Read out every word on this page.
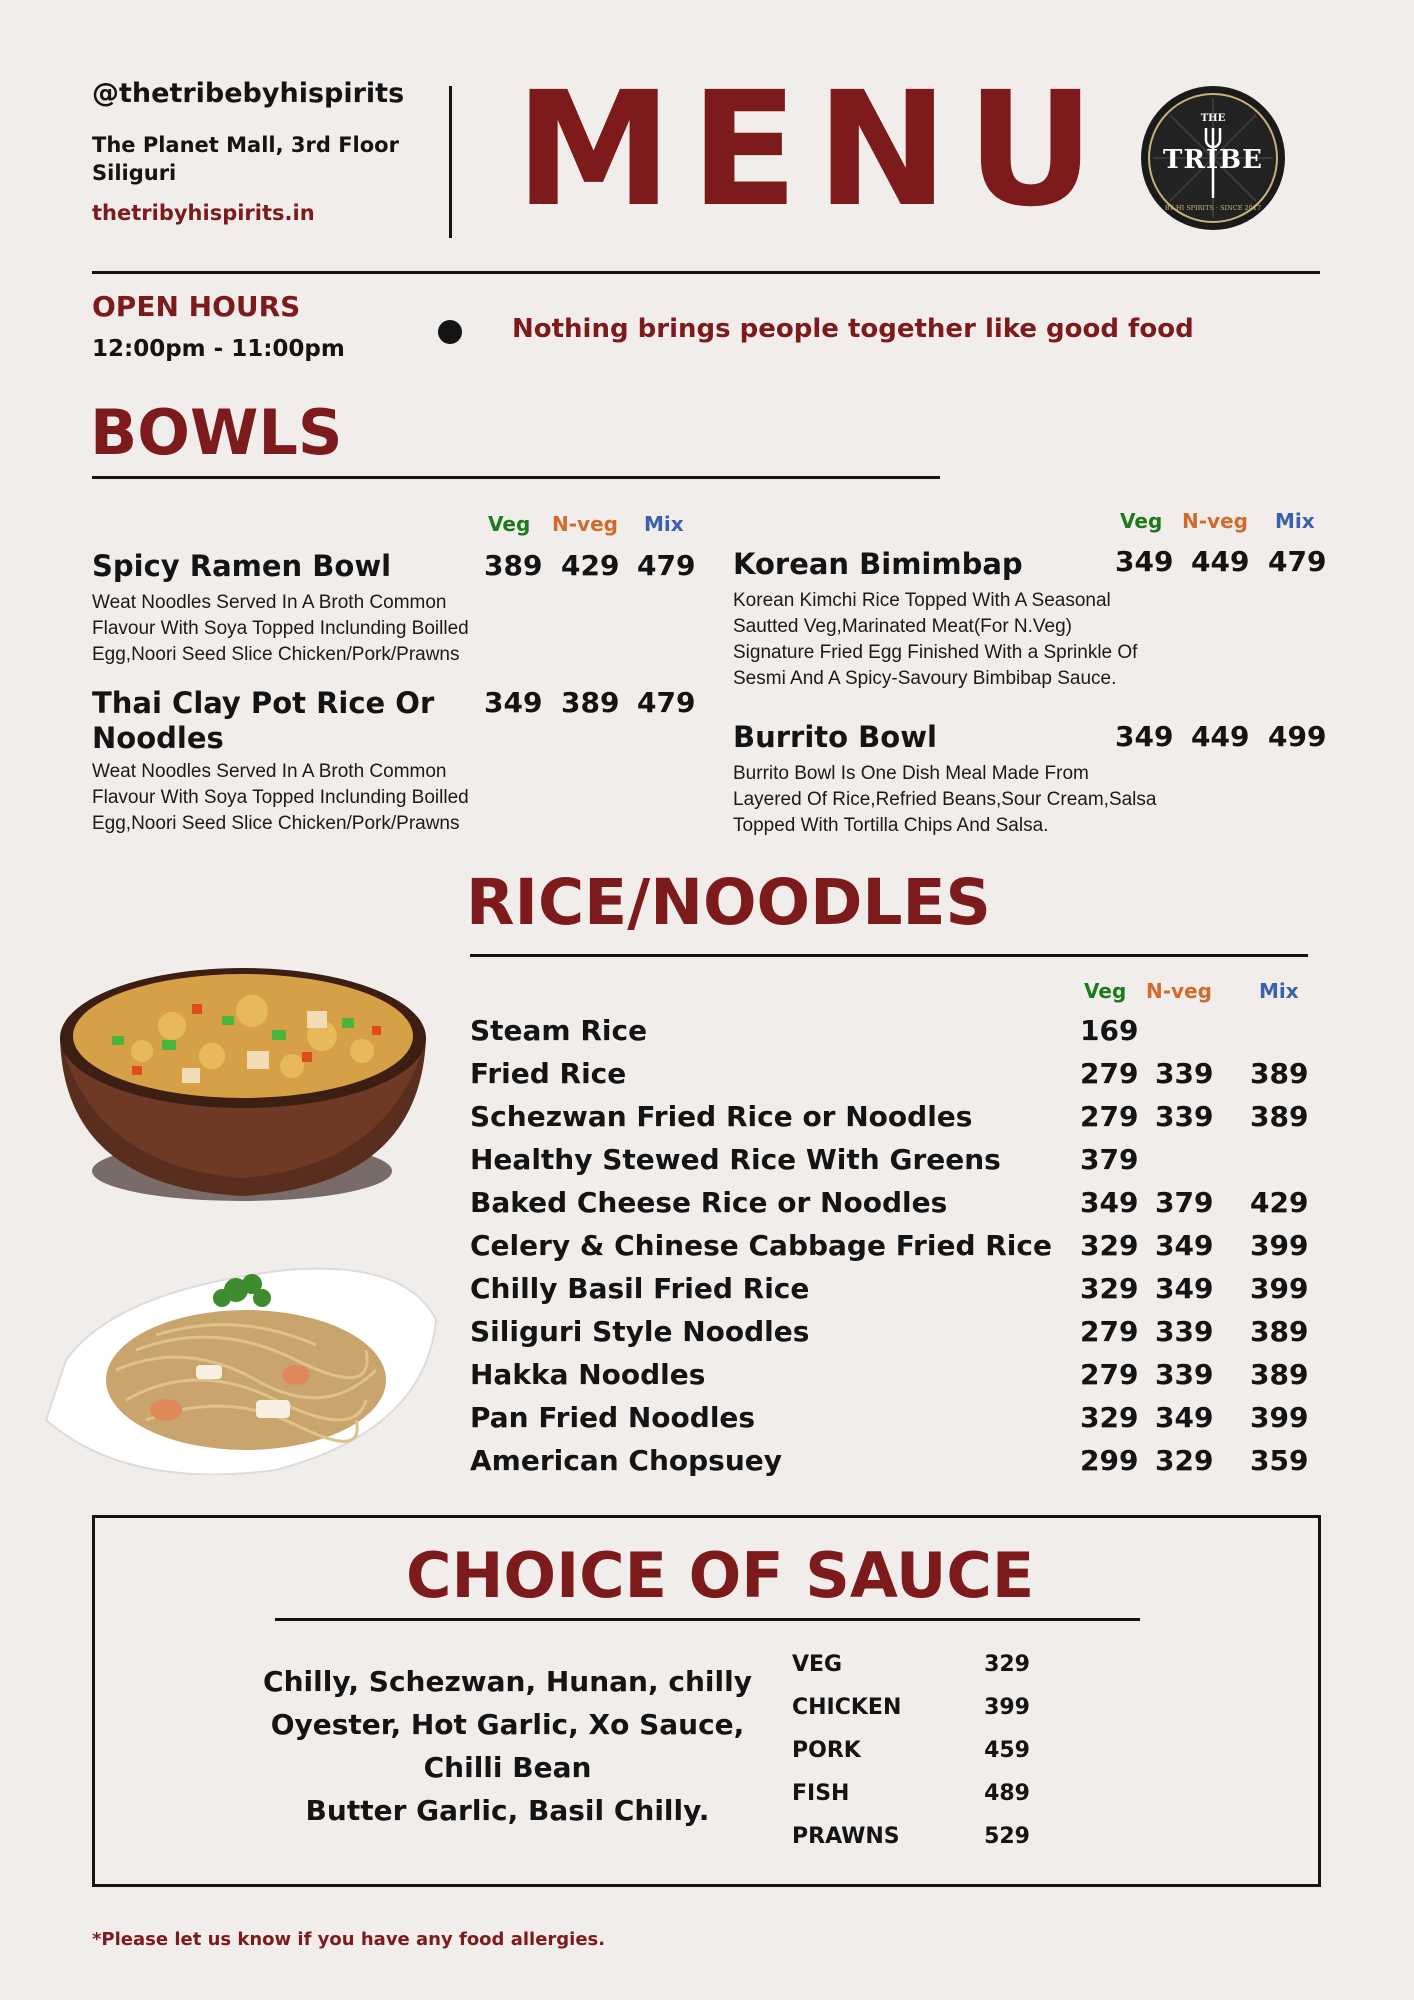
@thetribebyhispirits
The Planet Mall, 3rd Floor
Siliguri
thetribyhispirits.in MENU	THE
TRIBE
BY HI SPIRITS · SINCE 2017
OPEN HOURS
12:00pm - 11:00pm
Nothing brings people together like good food
BOWLS
Veg N-veg Mix	Veg N-veg Mix
Spicy Ramen Bowl	389 429 479
Weat Noodles Served In A Broth Common
Flavour With Soya Topped Inclunding Boilled
Egg,Noori Seed Slice Chicken/Pork/Prawns
Thai Clay Pot Rice Or
Noodles
349 389 479
Weat Noodles Served In A Broth Common
Flavour With Soya Topped Inclunding Boilled
Egg,Noori Seed Slice Chicken/Pork/Prawns
Korean Bimimbap	349 449 479
Korean Kimchi Rice Topped With A Seasonal
Sautted Veg,Marinated Meat(For N.Veg)
Signature Fried Egg Finished With a Sprinkle Of
Sesmi And A Spicy-Savoury Bimbibap Sauce.
Burrito Bowl	349 449 499
Burrito Bowl Is One Dish Meal Made From
Layered Of Rice,Refried Beans,Sour Cream,Salsa
Topped With Tortilla Chips And Salsa.
RICE/NOODLES
Veg N-veg Mix
Steam Rice	169
Fried Rice	279 339 389
Schezwan Fried Rice or Noodles	279 339 389
Healthy Stewed Rice With Greens	379
Baked Cheese Rice or Noodles	349 379 429
Celery & Chinese Cabbage Fried Rice 329 349 399
Chilly Basil Fried Rice	329 349 399
Siliguri Style Noodles	279 339 389
Hakka Noodles	279 339 389
Pan Fried Noodles	329 349 399
American Chopsuey	299 329 359
CHOICE OF SAUCE
Chilly, Schezwan, Hunan, chilly
Oyester, Hot Garlic, Xo Sauce,
Chilli Bean
Butter Garlic, Basil Chilly.
VEG	329
CHICKEN	399
PORK	459
FISH	489
PRAWNS	529
*Please let us know if you have any food allergies.
